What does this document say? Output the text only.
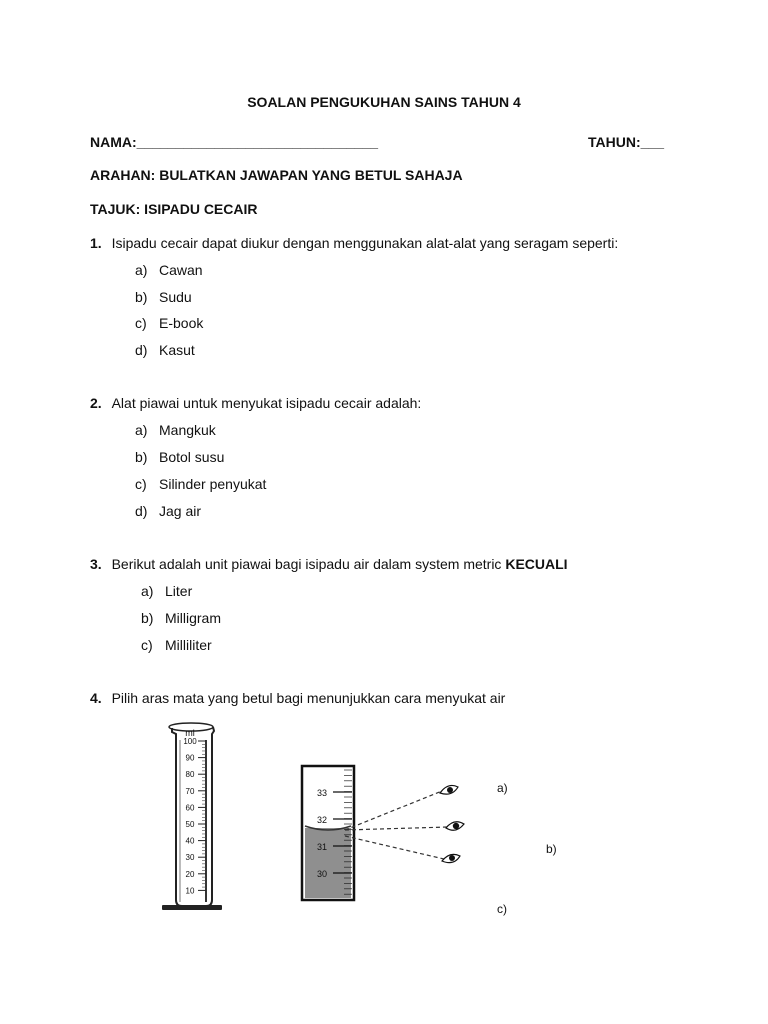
SOALAN PENGUKUHAN SAINS TAHUN 4
NAMA:_______________________________	TAHUN:___
ARAHAN: BULATKAN JAWAPAN YANG BETUL SAHAJA
TAJUK: ISIPADU CECAIR
1. Isipadu cecair dapat diukur dengan menggunakan alat-alat yang seragam seperti:
a) Cawan
b) Sudu
c) E-book
d) Kasut
2. Alat piawai untuk menyukat isipadu cecair adalah:
a) Mangkuk
b) Botol susu
c) Silinder penyukat
d) Jag air
3. Berikut adalah unit piawai bagi isipadu air dalam system metric KECUALI
a) Liter
b) Milligram
c) Milliliter
4. Pilih aras mata yang betul bagi menunjukkan cara menyukat air
ml
100
90
80
70
60
50
40
30
20
10
33
32
31
30
a)
b)
c)
